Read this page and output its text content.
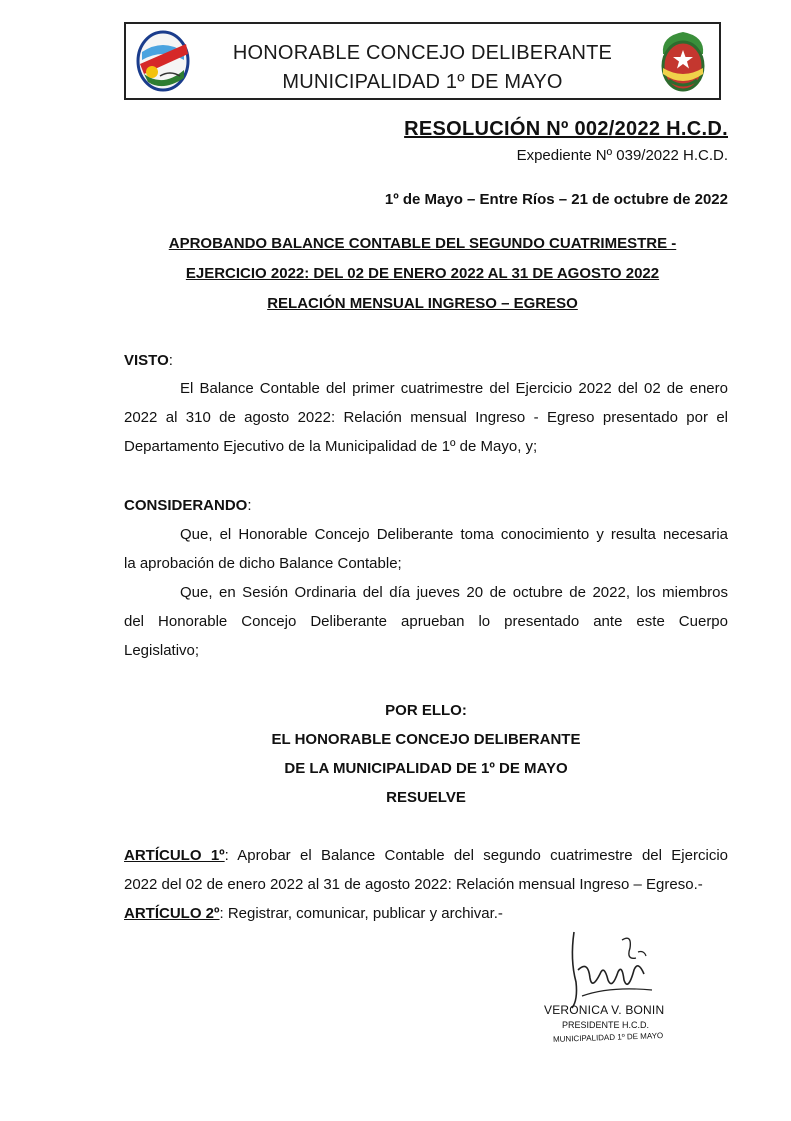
HONORABLE CONCEJO DELIBERANTE
MUNICIPALIDAD 1º DE MAYO
RESOLUCIÓN Nº 002/2022 H.C.D.
Expediente Nº 039/2022 H.C.D.
1º de Mayo – Entre Ríos – 21 de octubre de 2022
APROBANDO BALANCE CONTABLE DEL SEGUNDO CUATRIMESTRE -
EJERCICIO 2022: DEL 02 DE ENERO 2022 AL 31 DE AGOSTO 2022
RELACIÓN MENSUAL INGRESO – EGRESO
VISTO:
El Balance Contable del primer cuatrimestre del Ejercicio 2022 del 02 de enero
2022 al 310 de agosto 2022: Relación mensual Ingreso - Egreso presentado por el
Departamento Ejecutivo de la Municipalidad de 1º de Mayo, y;
CONSIDERANDO:
Que, el Honorable Concejo Deliberante toma conocimiento y resulta necesaria
la aprobación de dicho Balance Contable;
Que, en Sesión Ordinaria del día jueves 20 de octubre de 2022, los miembros
del Honorable Concejo Deliberante aprueban lo presentado ante este Cuerpo
Legislativo;
POR ELLO:
EL HONORABLE CONCEJO DELIBERANTE
DE LA MUNICIPALIDAD DE 1º DE MAYO
RESUELVE
ARTÍCULO 1º: Aprobar el Balance Contable del segundo cuatrimestre del Ejercicio
2022 del 02 de enero 2022 al 31 de agosto 2022: Relación mensual Ingreso – Egreso.-
ARTÍCULO 2º: Registrar, comunicar, publicar y archivar.-
VERONICA V. BONIN
PRESIDENTE H.C.D.
MUNICIPALIDAD 1º DE MAYO
